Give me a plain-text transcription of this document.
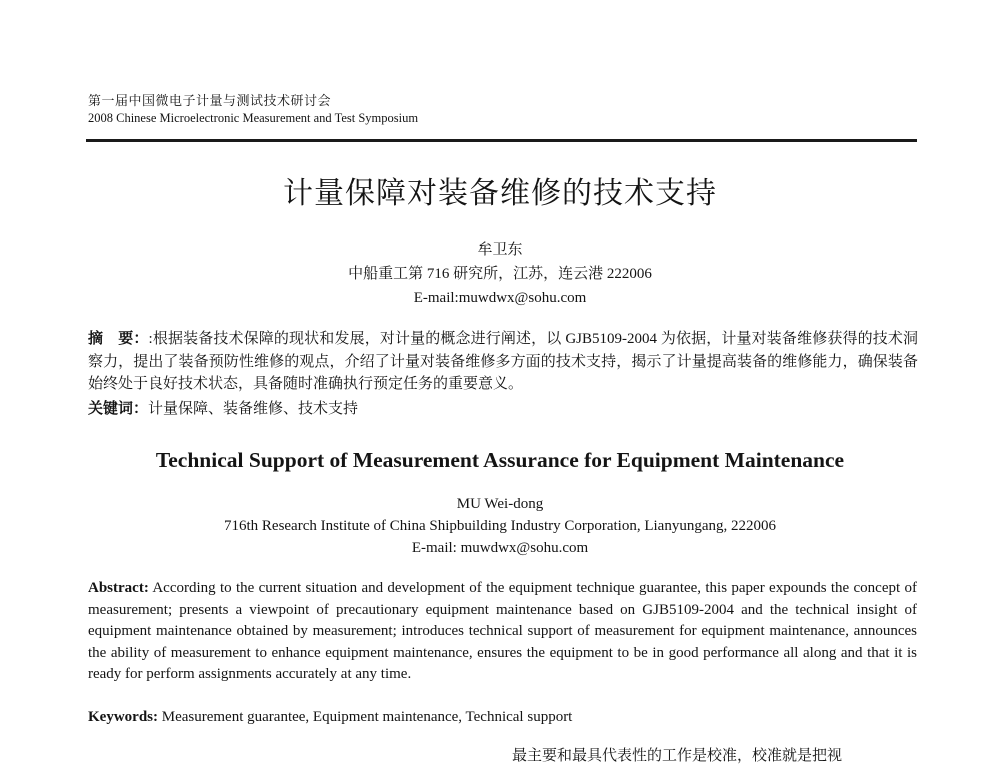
第一届中国微电子计量与测试技术研讨会
2008 Chinese Microelectronic Measurement and Test Symposium
计量保障对装备维修的技术支持
牟卫东
中船重工第 716 研究所，江苏，连云港 222006
E-mail:muwdwx@sohu.com
摘　要：:根据装备技术保障的现状和发展，对计量的概念进行阐述，以 GJB5109-2004 为依据，计量对装备维修获得的技术洞察力，提出了装备预防性维修的观点，介绍了计量对装备维修多方面的技术支持，揭示了计量提高装备的维修能力，确保装备始终处于良好技术状态，具备随时准确执行预定任务的重要意义。
关键词：计量保障、装备维修、技术支持
Technical Support of Measurement Assurance for Equipment Maintenance
MU Wei-dong
716th Research Institute of China Shipbuilding Industry Corporation, Lianyungang, 222006
E-mail: muwdwx@sohu.com
Abstract: According to the current situation and development of the equipment technique guarantee, this paper expounds the concept of measurement; presents a viewpoint of precautionary equipment maintenance based on GJB5109-2004 and the technical insight of equipment maintenance obtained by measurement; introduces technical support of measurement for equipment maintenance, announces the ability of measurement to enhance equipment maintenance, ensures the equipment to be in good performance all along and that it is ready for perform assignments accurately at any time.
Keywords: Measurement guarantee, Equipment maintenance, Technical support
最主要和最具代表性的工作是校准，校准就是把视
